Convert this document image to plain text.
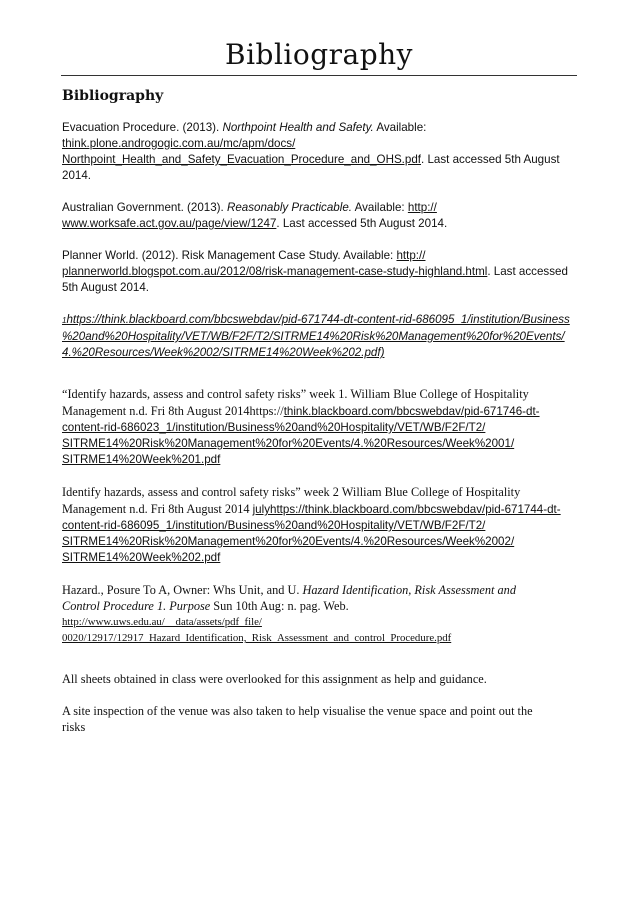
Bibliography
Bibliography

Evacuation Procedure. (2013). Northpoint Health and Safety. Available:
think.plone.androgogic.com.au/mc/apm/docs/
Northpoint_Health_and_Safety_Evacuation_Procedure_and_OHS.pdf. Last accessed 5th August
2014.

Australian Government. (2013). Reasonably Practicable. Available: http://
www.worksafe.act.gov.au/page/view/1247. Last accessed 5th August 2014.

Planner World. (2012). Risk Management Case Study. Available: http://
plannerworld.blogspot.com.au/2012/08/risk-management-case-study-highland.html. Last accessed
5th August 2014.

1https://think.blackboard.com/bbcswebdav/pid-671744-dt-content-rid-686095_1/institution/Business
%20and%20Hospitality/VET/WB/F2F/T2/SITRME14%20Risk%20Management%20for%20Events/
4.%20Resources/Week%2002/SITRME14%20Week%202.pdf)

“Identify hazards, assess and control safety risks” week 1. William Blue College of Hospitality
Management n.d. Fri 8th August 2014https://think.blackboard.com/bbcswebdav/pid-671746-dt-
content-rid-686023_1/institution/Business%20and%20Hospitality/VET/WB/F2F/T2/
SITRME14%20Risk%20Management%20for%20Events/4.%20Resources/Week%2001/
SITRME14%20Week%201.pdf

Identify hazards, assess and control safety risks” week 2 William Blue College of Hospitality
Management n.d. Fri 8th August 2014 julyhttps://think.blackboard.com/bbcswebdav/pid-671744-dt-
content-rid-686095_1/institution/Business%20and%20Hospitality/VET/WB/F2F/T2/
SITRME14%20Risk%20Management%20for%20Events/4.%20Resources/Week%2002/
SITRME14%20Week%202.pdf

Hazard., Posure To A, Owner: Whs Unit, and U. Hazard Identification, Risk Assessment and
Control Procedure 1. Purpose Sun 10th Aug: n. pag. Web.
http://www.uws.edu.au/__data/assets/pdf_file/
0020/12917/12917_Hazard_Identification,_Risk_Assessment_and_control_Procedure.pdf

All sheets obtained in class were overlooked for this assignment as help and guidance.

A site inspection of the venue was also taken to help visualise the venue space and point out the
risks
